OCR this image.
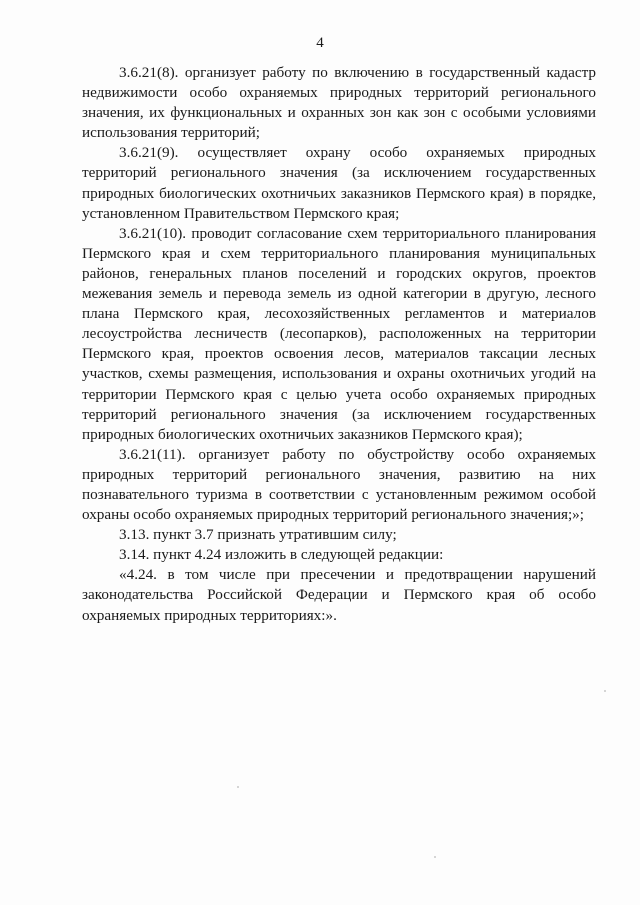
4

3.6.21(8). организует работу по включению в государственный кадастр недвижимости особо охраняемых природных территорий регионального значения, их функциональных и охранных зон как зон с особыми условиями использования территорий;

3.6.21(9). осуществляет охрану особо охраняемых природных территорий регионального значения (за исключением государственных природных биологических охотничьих заказников Пермского края) в порядке, установленном Правительством Пермского края;

3.6.21(10). проводит согласование схем территориального планирования Пермского края и схем территориального планирования муниципальных районов, генеральных планов поселений и городских округов, проектов межевания земель и перевода земель из одной категории в другую, лесного плана Пермского края, лесохозяйственных регламентов и материалов лесоустройства лесничеств (лесопарков), расположенных на территории Пермского края, проектов освоения лесов, материалов таксации лесных участков, схемы размещения, использования и охраны охотничьих угодий на территории Пермского края с целью учета особо охраняемых природных территорий регионального значения (за исключением государственных природных биологических охотничьих заказников Пермского края);

3.6.21(11). организует работу по обустройству особо охраняемых природных территорий регионального значения, развитию на них познавательного туризма в соответствии с установленным режимом особой охраны особо охраняемых природных территорий регионального значения;»;

3.13. пункт 3.7 признать утратившим силу;

3.14. пункт 4.24 изложить в следующей редакции:

«4.24. в том числе при пресечении и предотвращении нарушений законодательства Российской Федерации и Пермского края об особо охраняемых природных территориях:».
